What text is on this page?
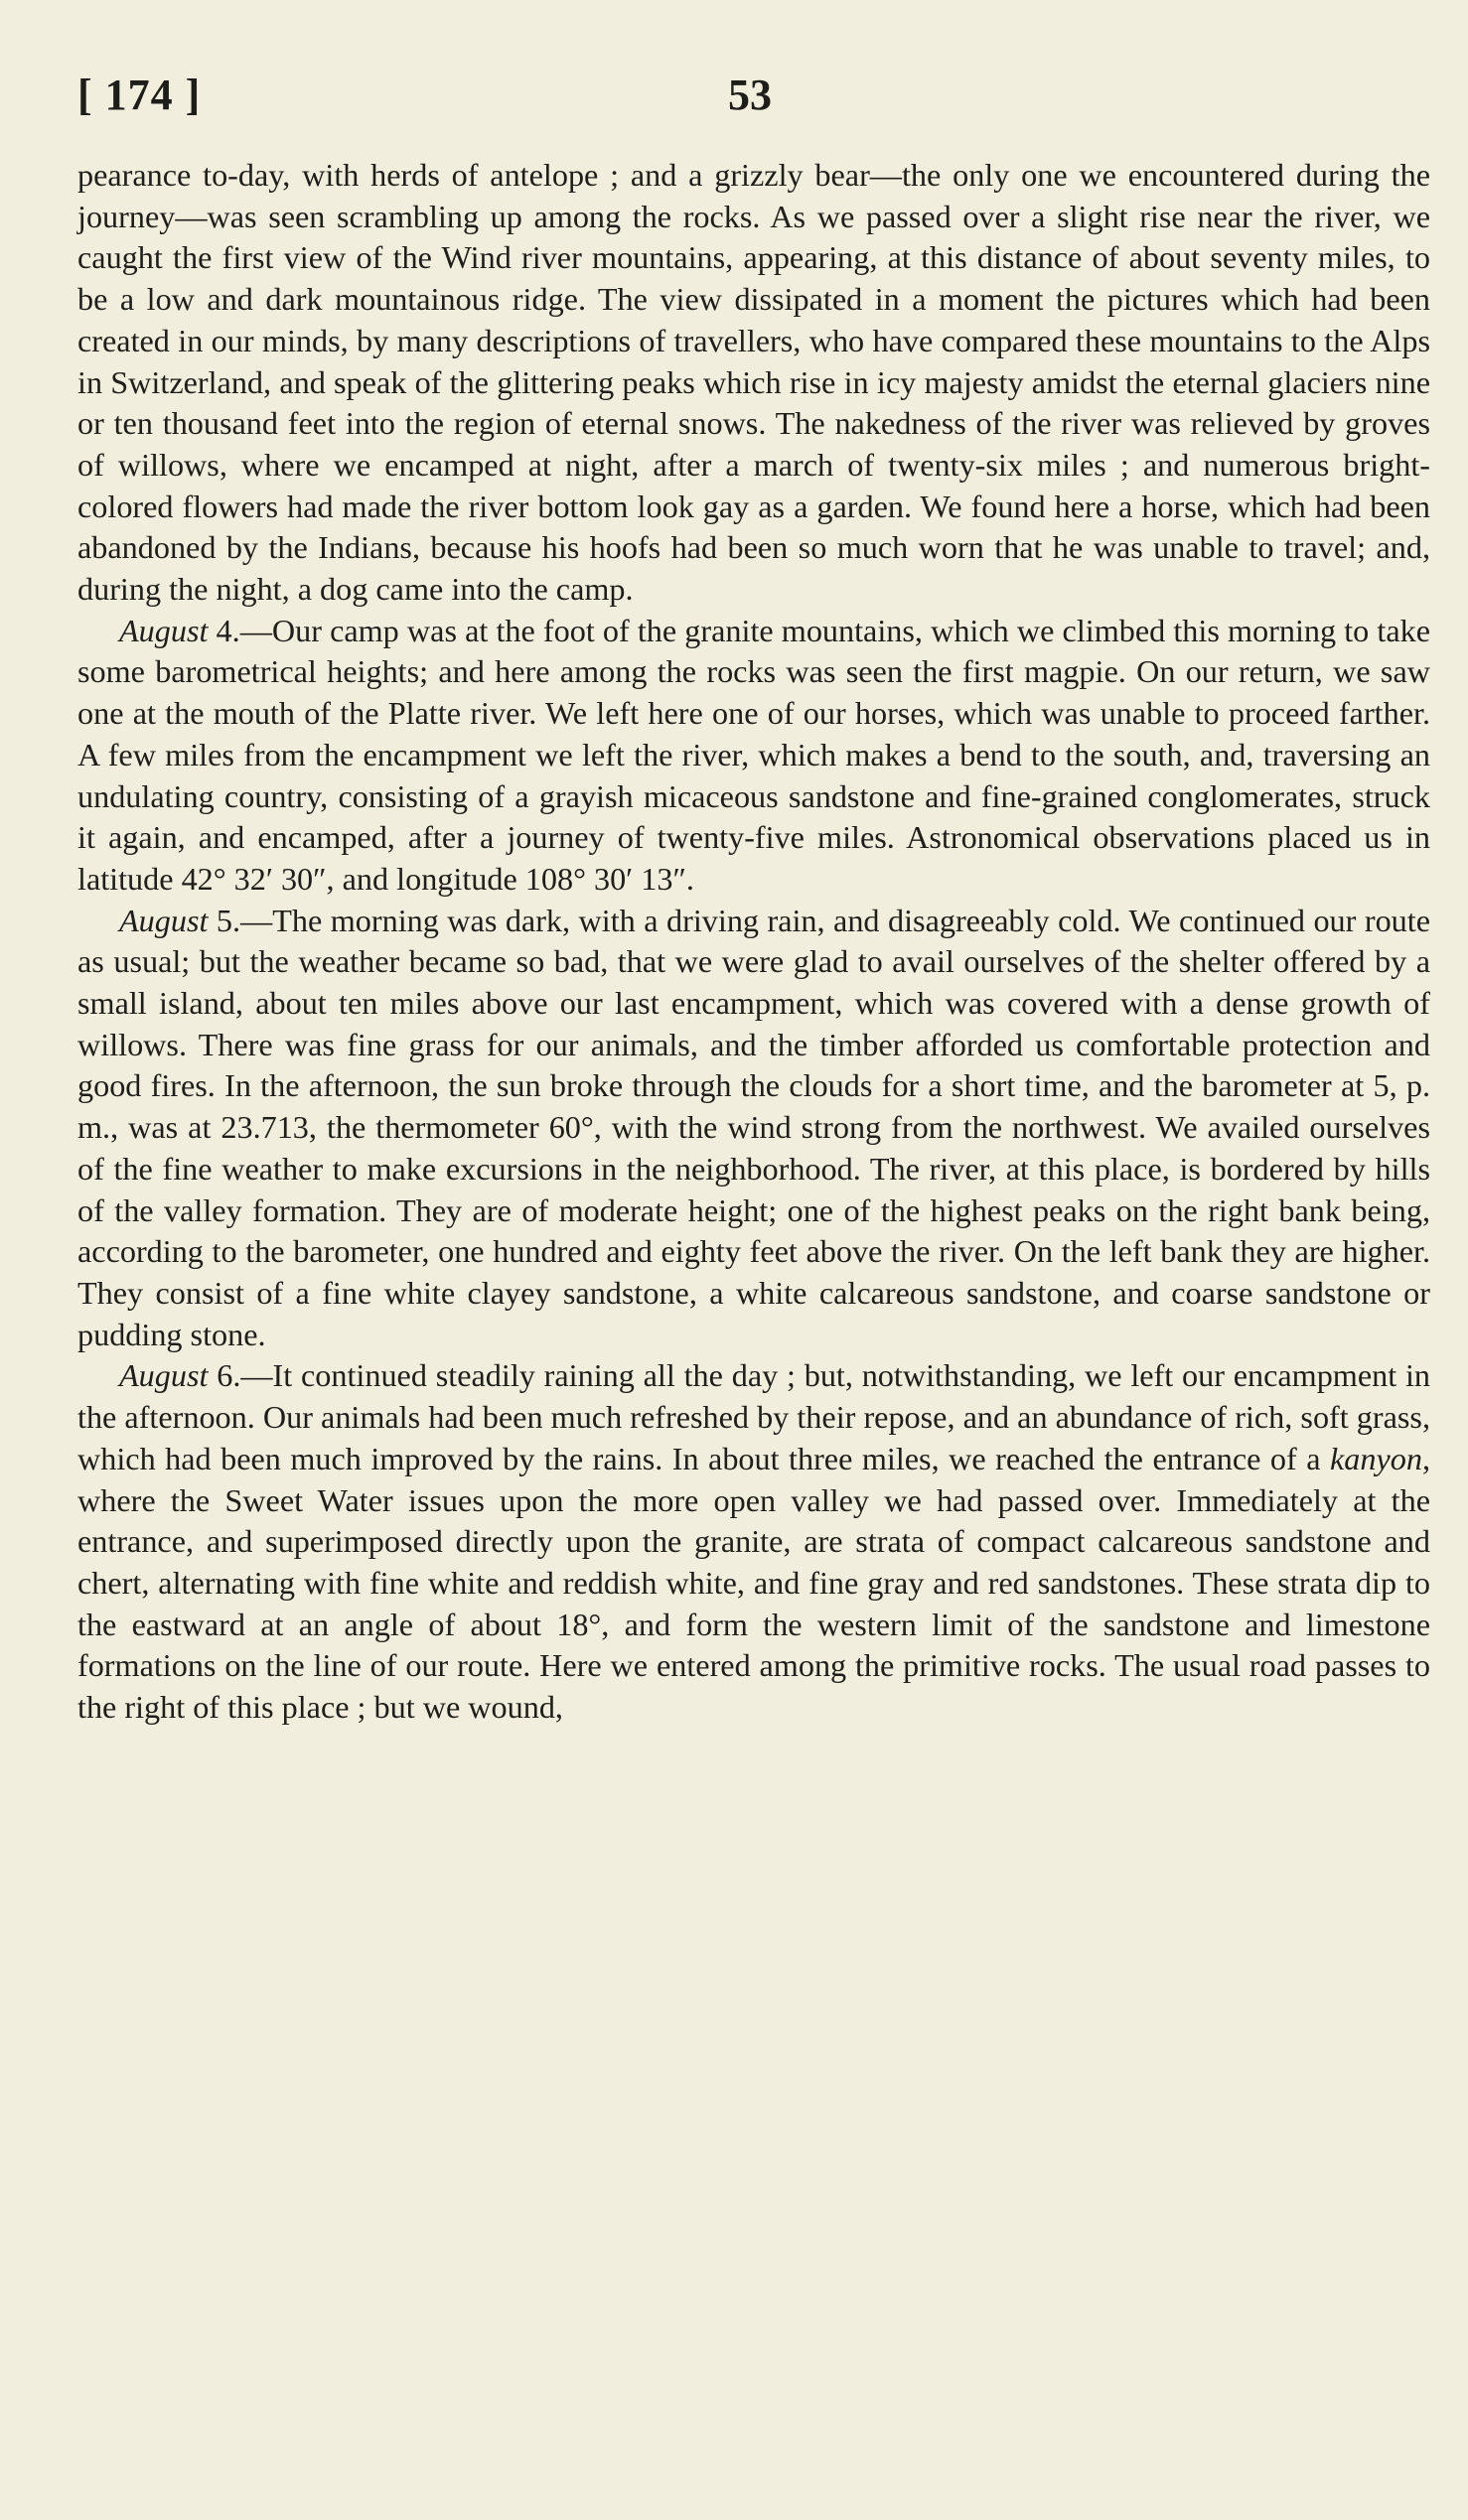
[ 174 ]	53

pearance to-day, with herds of antelope ; and a grizzly bear—the only one we encountered during the journey—was seen scrambling up among the rocks. As we passed over a slight rise near the river, we caught the first view of the Wind river mountains, appearing, at this distance of about seventy miles, to be a low and dark mountainous ridge. The view dissipated in a moment the pictures which had been created in our minds, by many descriptions of travellers, who have compared these mountains to the Alps in Switzerland, and speak of the glittering peaks which rise in icy majesty amidst the eternal glaciers nine or ten thousand feet into the region of eternal snows. The nakedness of the river was relieved by groves of willows, where we encamped at night, after a march of twenty-six miles ; and numerous bright-colored flowers had made the river bottom look gay as a garden. We found here a horse, which had been abandoned by the Indians, because his hoofs had been so much worn that he was unable to travel; and, during the night, a dog came into the camp.

August 4.—Our camp was at the foot of the granite mountains, which we climbed this morning to take some barometrical heights; and here among the rocks was seen the first magpie. On our return, we saw one at the mouth of the Platte river. We left here one of our horses, which was unable to proceed farther. A few miles from the encampment we left the river, which makes a bend to the south, and, traversing an undulating country, consisting of a grayish micaceous sandstone and fine-grained conglomerates, struck it again, and encamped, after a journey of twenty-five miles. Astronomical observations placed us in latitude 42° 32′ 30″, and longitude 108° 30′ 13″.

August 5.—The morning was dark, with a driving rain, and disagreeably cold. We continued our route as usual; but the weather became so bad, that we were glad to avail ourselves of the shelter offered by a small island, about ten miles above our last encampment, which was covered with a dense growth of willows. There was fine grass for our animals, and the timber afforded us comfortable protection and good fires. In the afternoon, the sun broke through the clouds for a short time, and the barometer at 5, p. m., was at 23.713, the thermometer 60°, with the wind strong from the northwest. We availed ourselves of the fine weather to make excursions in the neighborhood. The river, at this place, is bordered by hills of the valley formation. They are of moderate height; one of the highest peaks on the right bank being, according to the barometer, one hundred and eighty feet above the river. On the left bank they are higher. They consist of a fine white clayey sandstone, a white calcareous sandstone, and coarse sandstone or pudding stone.

August 6.—It continued steadily raining all the day ; but, notwithstanding, we left our encampment in the afternoon. Our animals had been much refreshed by their repose, and an abundance of rich, soft grass, which had been much improved by the rains. In about three miles, we reached the entrance of a kanyon, where the Sweet Water issues upon the more open valley we had passed over. Immediately at the entrance, and superimposed directly upon the granite, are strata of compact calcareous sandstone and chert, alternating with fine white and reddish white, and fine gray and red sandstones. These strata dip to the eastward at an angle of about 18°, and form the western limit of the sandstone and limestone formations on the line of our route. Here we entered among the primitive rocks. The usual road passes to the right of this place ; but we wound,
